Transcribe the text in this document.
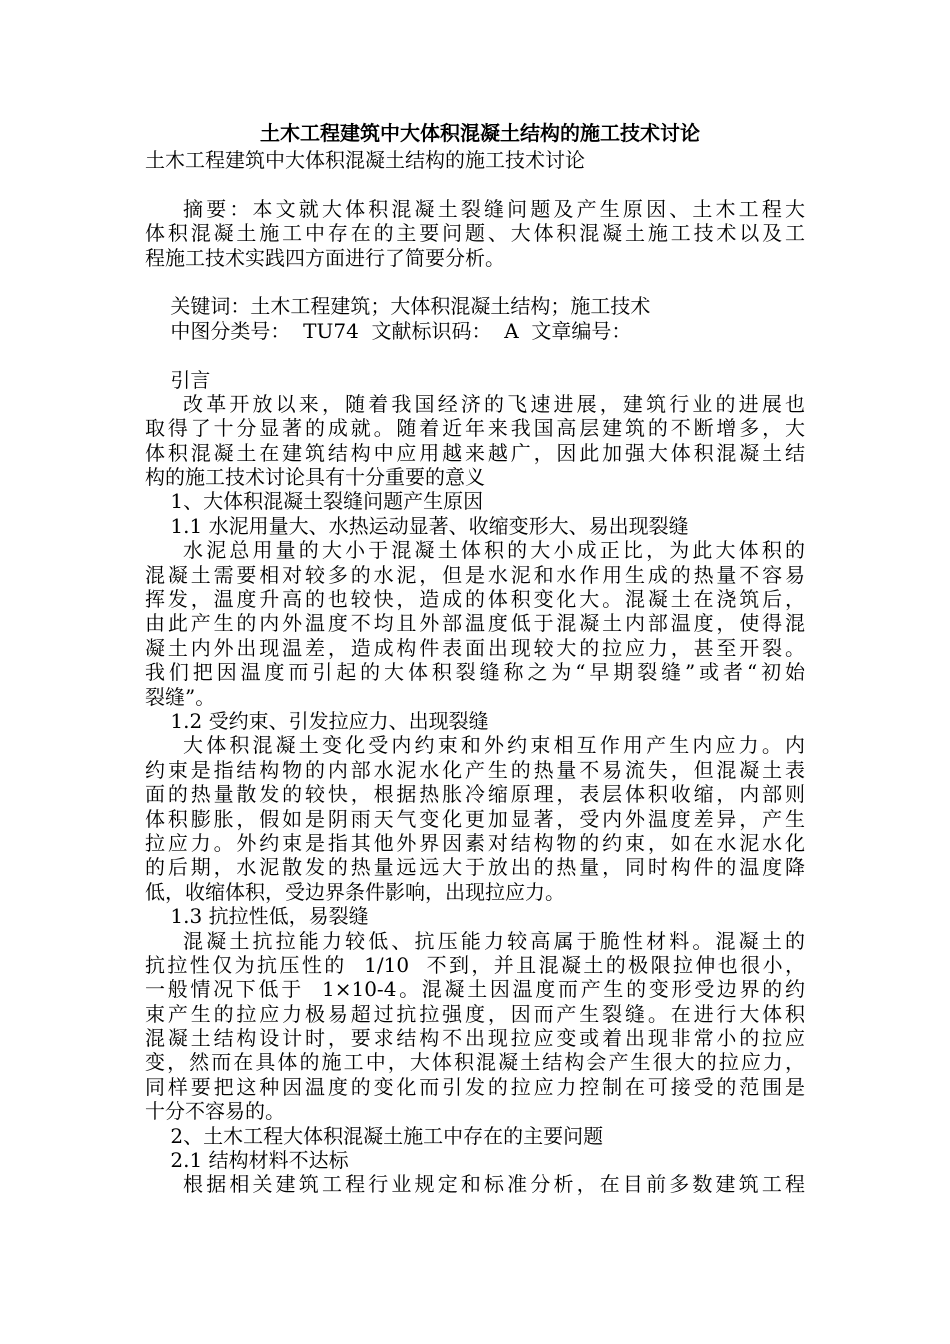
土木工程建筑中大体积混凝土结构的施工技术讨论
土木工程建筑中大体积混凝土结构的施工技术讨论
摘要：本文就大体积混凝土裂缝问题及产生原因、土木工程大
体积混凝土施工中存在的主要问题、大体积混凝土施工技术以及工
程施工技术实践四方面进行了简要分析。
关键词：土木工程建筑；大体积混凝土结构；施工技术
中图分类号：  TU74  文献标识码：  A  文章编号：
引言
改革开放以来，随着我国经济的飞速进展，建筑行业的进展也
取得了十分显著的成就。随着近年来我国高层建筑的不断增多，大
体积混凝土在建筑结构中应用越来越广，因此加强大体积混凝土结
构的施工技术讨论具有十分重要的意义
1、大体积混凝土裂缝问题产生原因
1.1 水泥用量大、水热运动显著、收缩变形大、易出现裂缝
水泥总用量的大小于混凝土体积的大小成正比，为此大体积的
混凝土需要相对较多的水泥，但是水泥和水作用生成的热量不容易
挥发，温度升高的也较快，造成的体积变化大。混凝土在浇筑后，
由此产生的内外温度不均且外部温度低于混凝土内部温度，使得混
凝土内外出现温差，造成构件表面出现较大的拉应力，甚至开裂。
我们把因温度而引起的大体积裂缝称之为“早期裂缝”或者“初始
裂缝”。
1.2 受约束、引发拉应力、出现裂缝
大体积混凝土变化受内约束和外约束相互作用产生内应力。内
约束是指结构物的内部水泥水化产生的热量不易流失，但混凝土表
面的热量散发的较快，根据热胀冷缩原理，表层体积收缩，内部则
体积膨胀，假如是阴雨天气变化更加显著，受内外温度差异，产生
拉应力。外约束是指其他外界因素对结构物的约束，如在水泥水化
的后期，水泥散发的热量远远大于放出的热量，同时构件的温度降
低，收缩体积，受边界条件影响，出现拉应力。
1.3 抗拉性低，易裂缝
混凝土抗拉能力较低、抗压能力较高属于脆性材料。混凝土的
抗拉性仅为抗压性的  1/10  不到，并且混凝土的极限拉伸也很小，
一般情况下低于  1×10-4。混凝土因温度而产生的变形受边界的约
束产生的拉应力极易超过抗拉强度，因而产生裂缝。在进行大体积
混凝土结构设计时，要求结构不出现拉应变或着出现非常小的拉应
变，然而在具体的施工中，大体积混凝土结构会产生很大的拉应力，
同样要把这种因温度的变化而引发的拉应力控制在可接受的范围是
十分不容易的。
2、土木工程大体积混凝土施工中存在的主要问题
2.1 结构材料不达标
根据相关建筑工程行业规定和标准分析，在目前多数建筑工程
